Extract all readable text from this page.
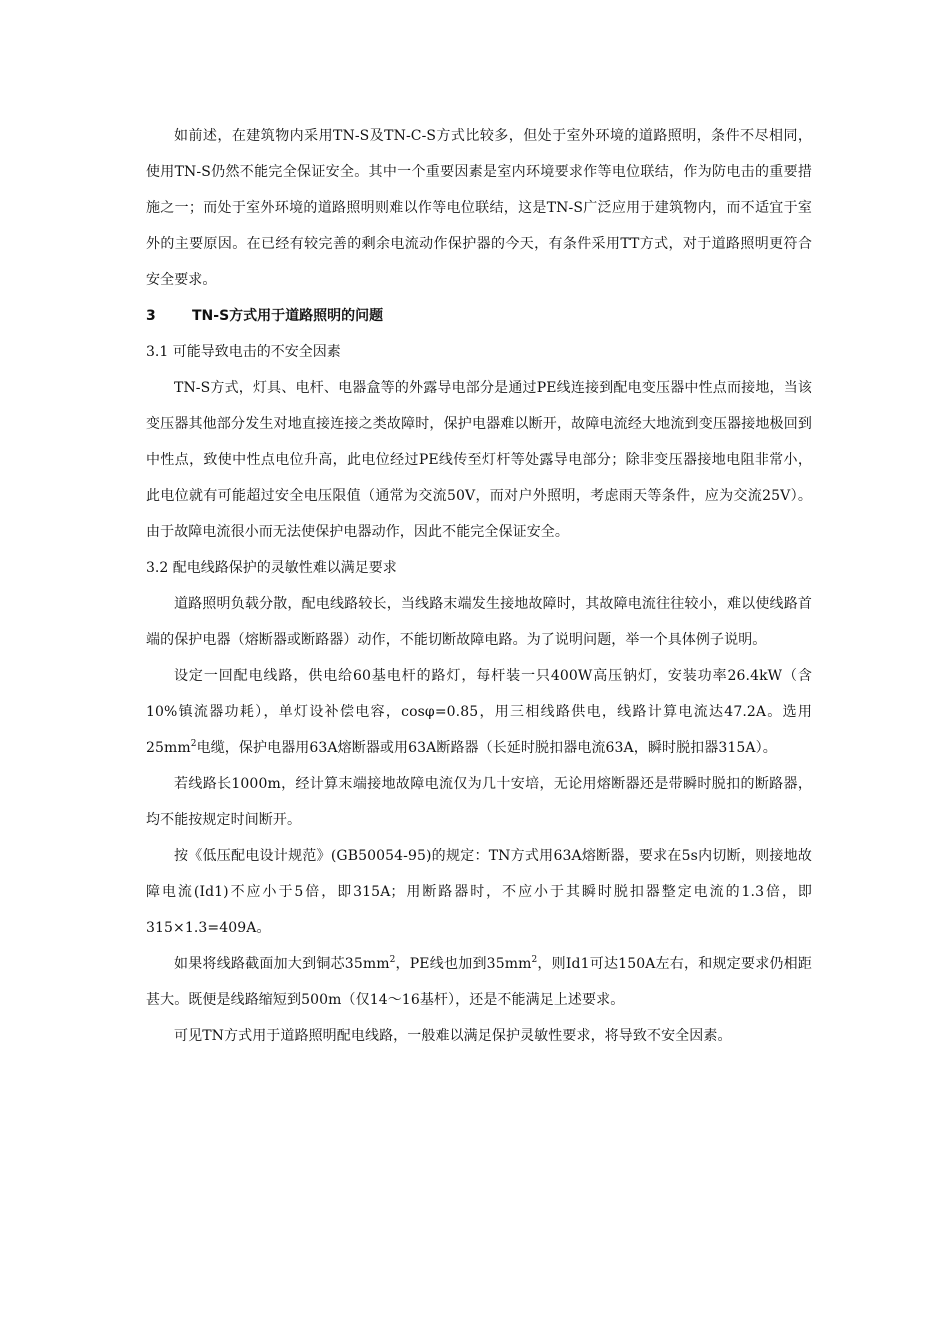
如前述，在建筑物内采用TN-S及TN-C-S方式比较多，但处于室外环境的道路照明，条件不尽相同，使用TN-S仍然不能完全保证安全。其中一个重要因素是室内环境要求作等电位联结，作为防电击的重要措施之一；而处于室外环境的道路照明则难以作等电位联结，这是TN-S广泛应用于建筑物内，而不适宜于室外的主要原因。在已经有较完善的剩余电流动作保护器的今天，有条件采用TT方式，对于道路照明更符合安全要求。

3	TN-S方式用于道路照明的问题
3.1 可能导致电击的不安全因素

TN-S方式，灯具、电杆、电器盒等的外露导电部分是通过PE线连接到配电变压器中性点而接地，当该变压器其他部分发生对地直接连接之类故障时，保护电器难以断开，故障电流经大地流到变压器接地极回到中性点，致使中性点电位升高，此电位经过PE线传至灯杆等处露导电部分；除非变压器接地电阻非常小，此电位就有可能超过安全电压限值（通常为交流50V，而对户外照明，考虑雨天等条件，应为交流25V）。由于故障电流很小而无法使保护电器动作，因此不能完全保证安全。

3.2 配电线路保护的灵敏性难以满足要求

道路照明负载分散，配电线路较长，当线路末端发生接地故障时，其故障电流往往较小，难以使线路首端的保护电器（熔断器或断路器）动作，不能切断故障电路。为了说明问题，举一个具体例子说明。

设定一回配电线路，供电给60基电杆的路灯，每杆装一只400W高压钠灯，安装功率26.4kW（含10%镇流器功耗），单灯设补偿电容，cosφ=0.85，用三相线路供电，线路计算电流达47.2A。选用$25mm^2$电缆，保护电器用63A熔断器或用63A断路器（长延时脱扣器电流63A，瞬时脱扣器315A）。

若线路长1000m，经计算末端接地故障电流仅为几十安培，无论用熔断器还是带瞬时脱扣的断路器，均不能按规定时间断开。

按《低压配电设计规范》(GB50054-95)的规定：TN方式用63A熔断器，要求在5s内切断，则接地故障电流(Id1)不应小于5倍，即315A；用断路器时，不应小于其瞬时脱扣器整定电流的1.3倍，即315×1.3=409A。

如果将线路截面加大到铜芯$35mm^2$，PE线也加到$35mm^2$，则Id1可达150A左右，和规定要求仍相距甚大。既便是线路缩短到500m（仅14～16基杆），还是不能满足上述要求。

可见TN方式用于道路照明配电线路，一般难以满足保护灵敏性要求，将导致不安全因素。
